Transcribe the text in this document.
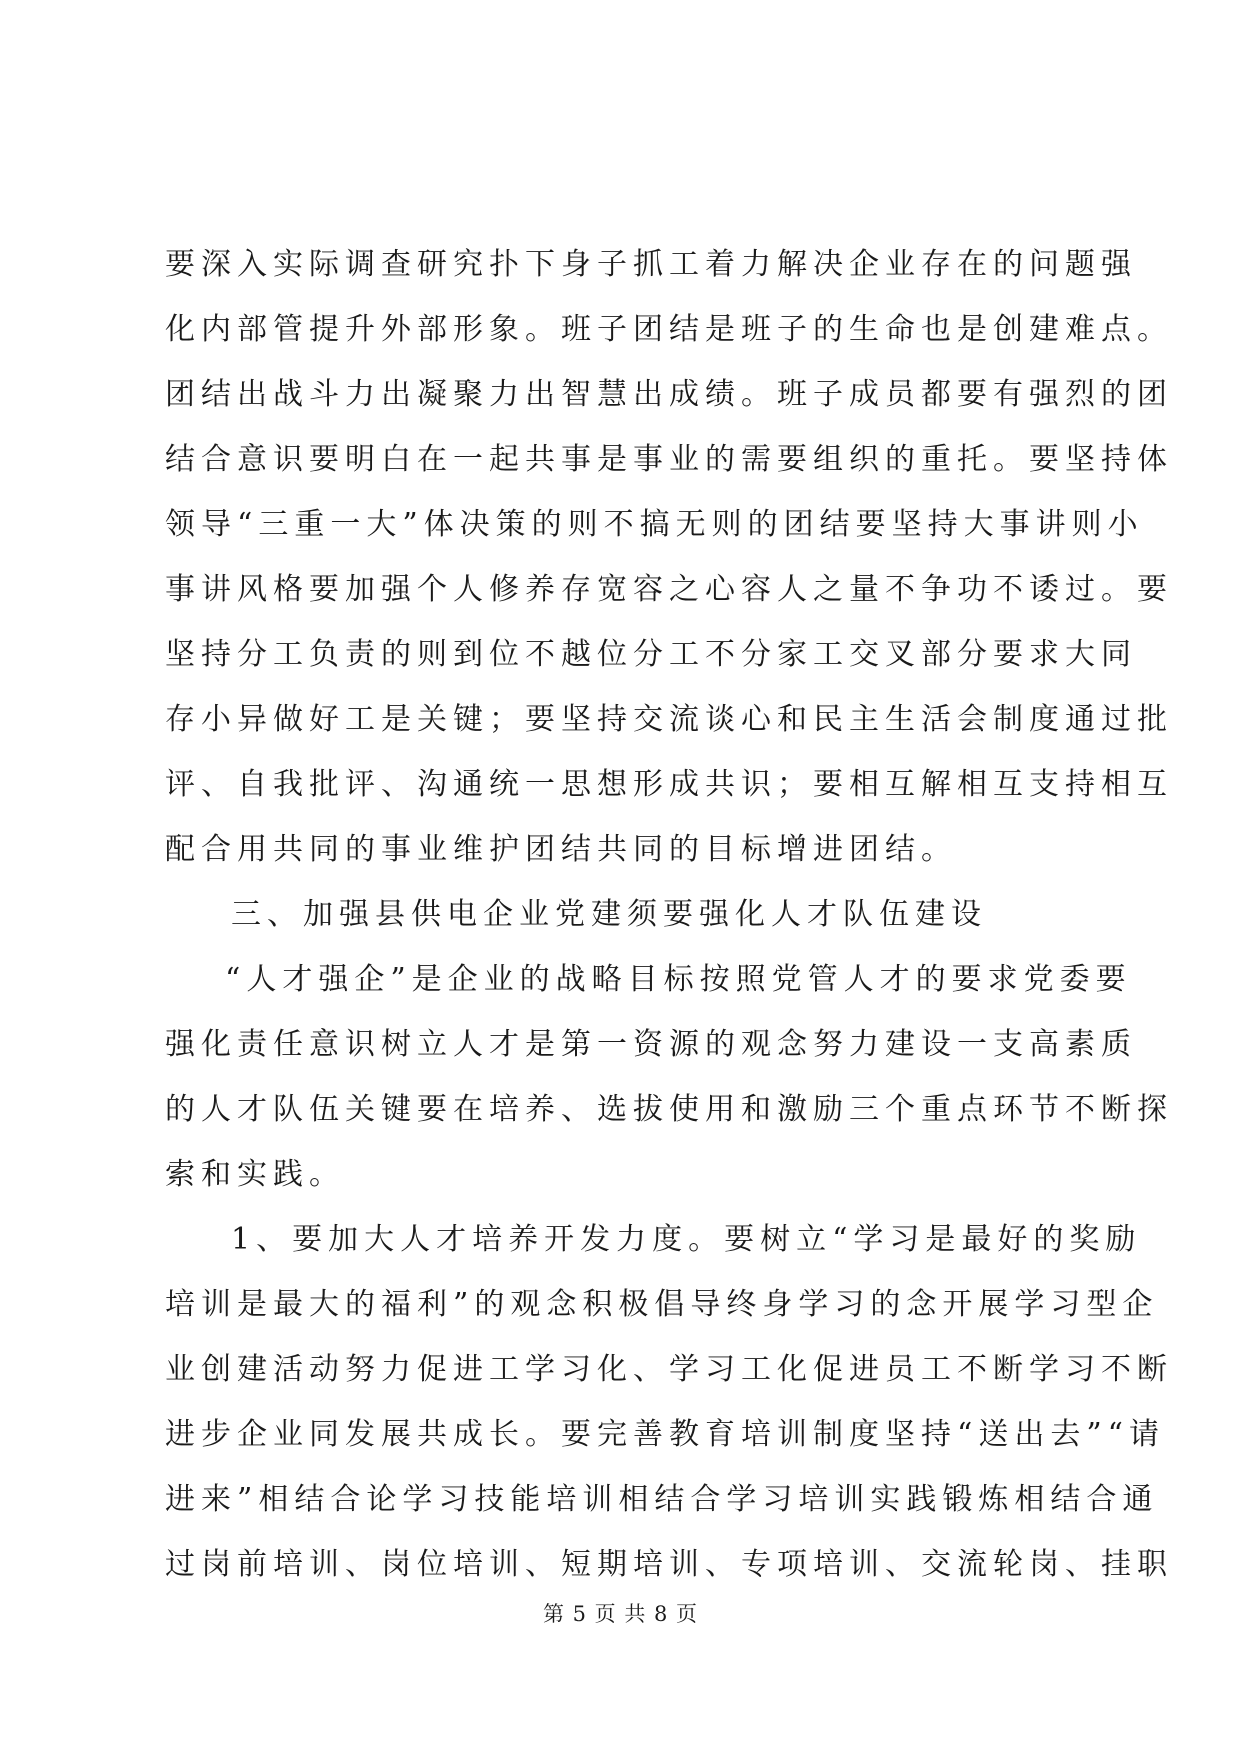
要深入实际调查研究扑下身子抓工着力解决企业存在的问题强
化内部管提升外部形象。班子团结是班子的生命也是创建难点。
团结出战斗力出凝聚力出智慧出成绩。班子成员都要有强烈的团
结合意识要明白在一起共事是事业的需要组织的重托。要坚持体
领导“三重一大”体决策的则不搞无则的团结要坚持大事讲则小
事讲风格要加强个人修养存宽容之心容人之量不争功不诿过。要
坚持分工负责的则到位不越位分工不分家工交叉部分要求大同
存小异做好工是关键；要坚持交流谈心和民主生活会制度通过批
评、自我批评、沟通统一思想形成共识；要相互解相互支持相互
配合用共同的事业维护团结共同的目标增进团结。
三、加强县供电企业党建须要强化人才队伍建设
“人才强企”是企业的战略目标按照党管人才的要求党委要
强化责任意识树立人才是第一资源的观念努力建设一支高素质
的人才队伍关键要在培养、选拔使用和激励三个重点环节不断探
索和实践。
1、要加大人才培养开发力度。要树立“学习是最好的奖励
培训是最大的福利”的观念积极倡导终身学习的念开展学习型企
业创建活动努力促进工学习化、学习工化促进员工不断学习不断
进步企业同发展共成长。要完善教育培训制度坚持“送出去”“请
进来”相结合论学习技能培训相结合学习培训实践锻炼相结合通
过岗前培训、岗位培训、短期培训、专项培训、交流轮岗、挂职
第 5 页 共 8 页
